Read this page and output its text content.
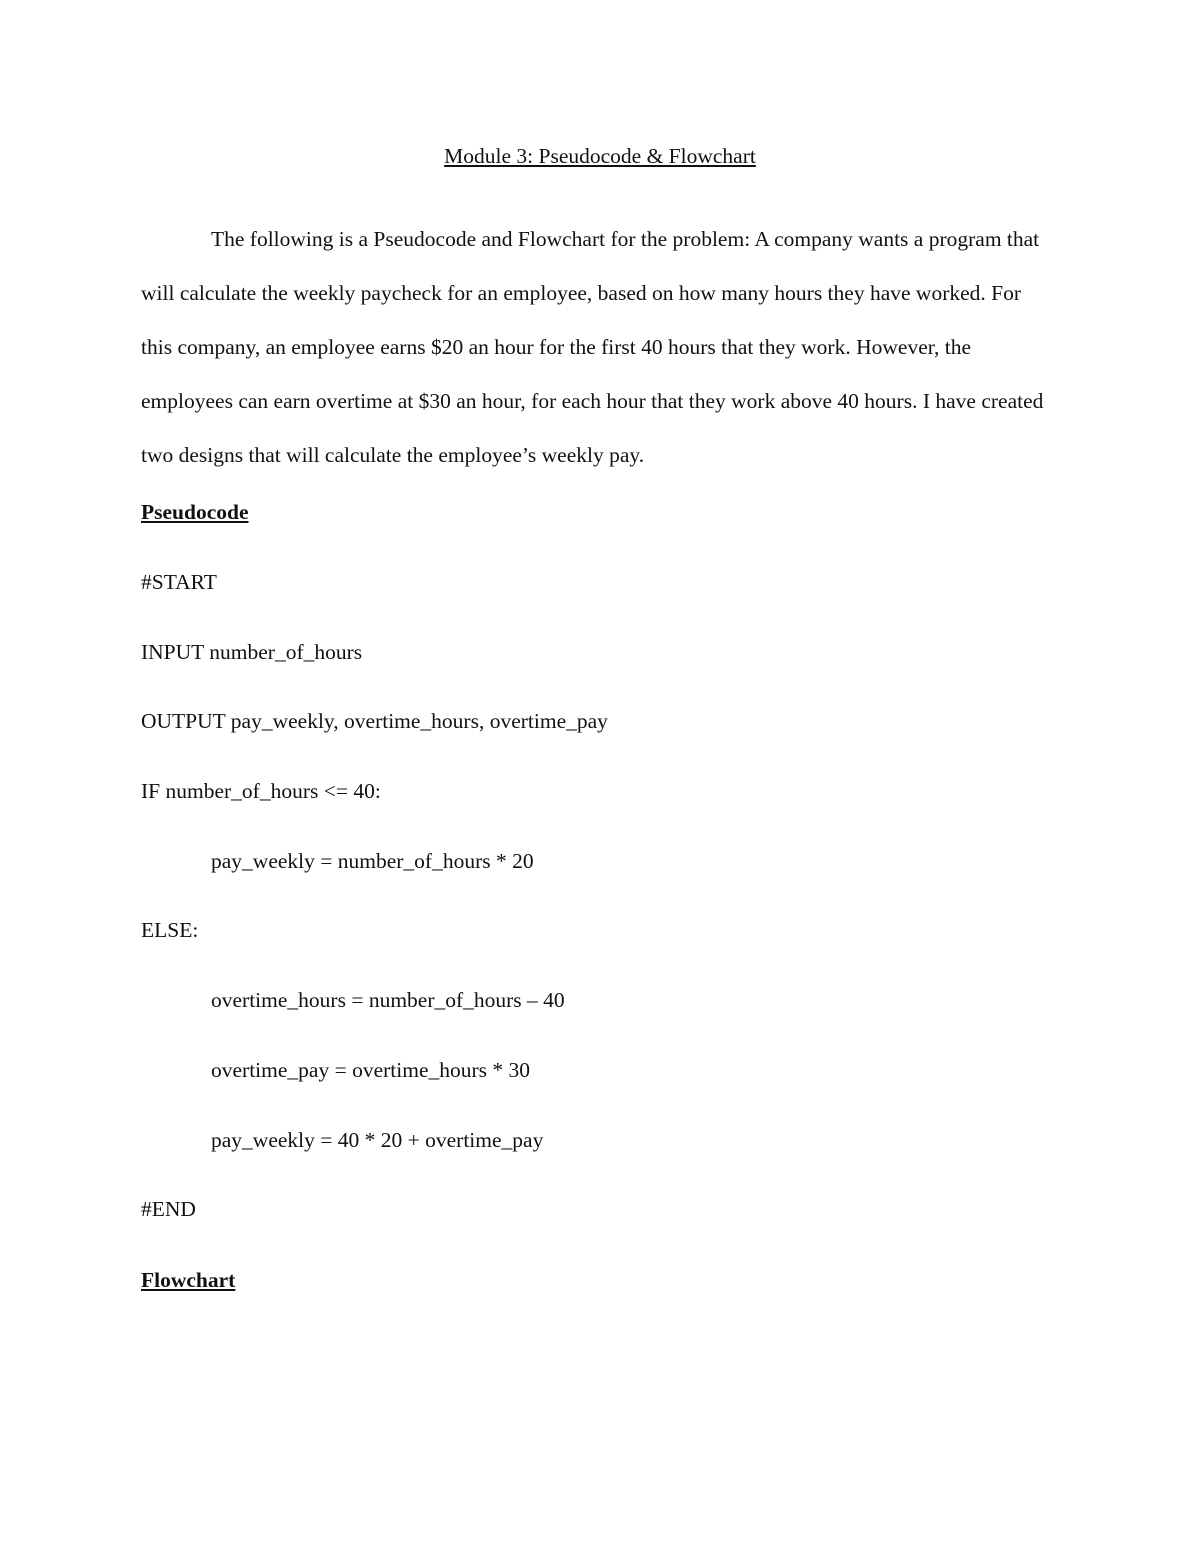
Module 3: Pseudocode & Flowchart

The following is a Pseudocode and Flowchart for the problem: A company wants a program that will calculate the weekly paycheck for an employee, based on how many hours they have worked. For this company, an employee earns $20 an hour for the first 40 hours that they work. However, the employees can earn overtime at $30 an hour, for each hour that they work above 40 hours. I have created two designs that will calculate the employee’s weekly pay.

Pseudocode
#START
INPUT number_of_hours
OUTPUT pay_weekly, overtime_hours, overtime_pay
IF number_of_hours <= 40:
pay_weekly = number_of_hours * 20
ELSE:
overtime_hours = number_of_hours – 40
overtime_pay = overtime_hours * 30
pay_weekly = 40 * 20 + overtime_pay
#END
Flowchart
